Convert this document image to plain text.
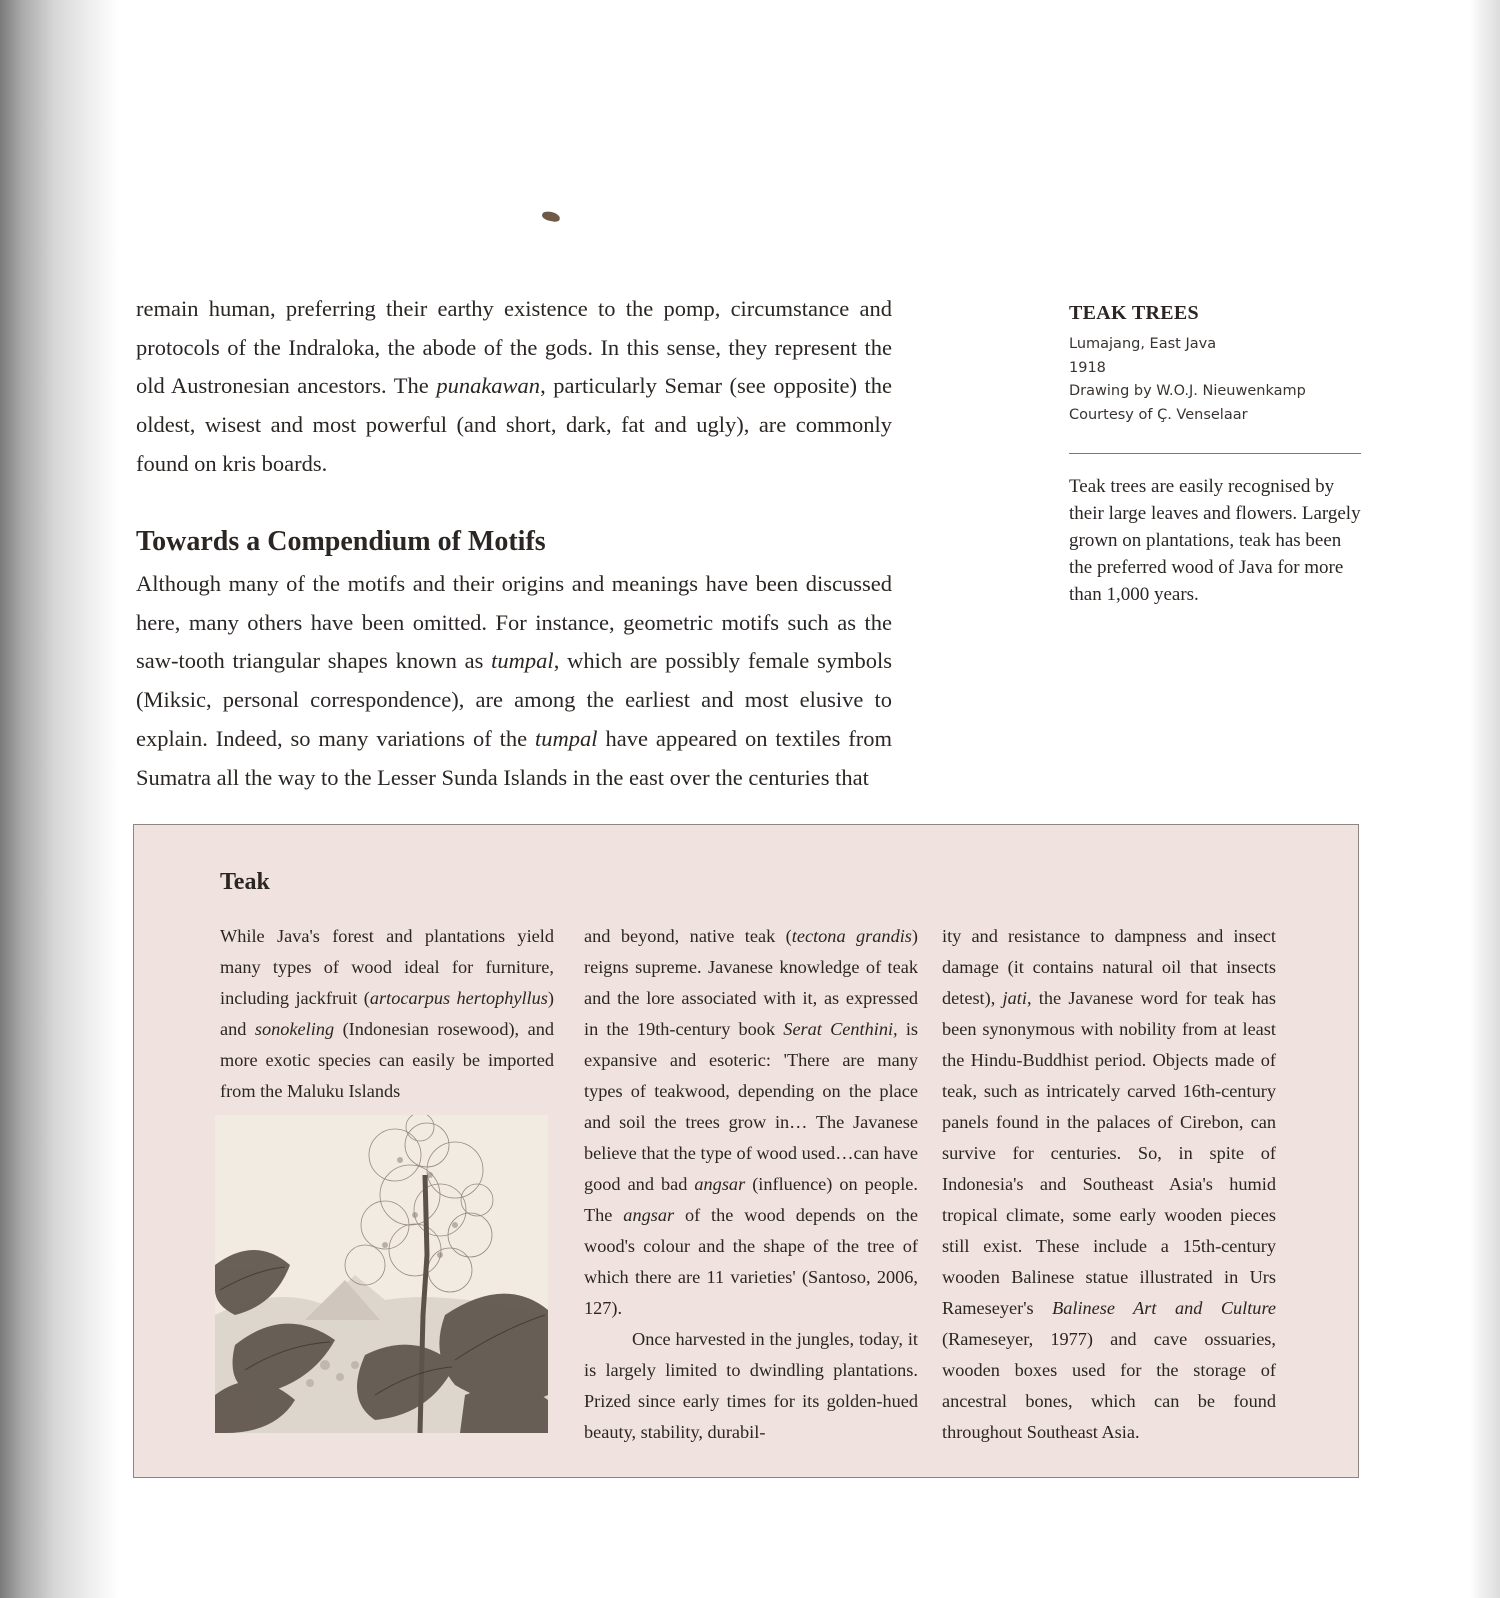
remain human, preferring their earthy existence to the pomp, circumstance and protocols of the Indraloka, the abode of the gods. In this sense, they represent the old Austronesian ancestors. The punakawan, particularly Semar (see opposite) the oldest, wisest and most powerful (and short, dark, fat and ugly), are commonly found on kris boards.

Towards a Compendium of Motifs

Although many of the motifs and their origins and meanings have been discussed here, many others have been omitted. For instance, geometric motifs such as the saw-tooth triangular shapes known as tumpal, which are possibly female symbols (Miksic, personal correspondence), are among the earliest and most elusive to explain. Indeed, so many variations of the tumpal have appeared on textiles from Sumatra all the way to the Lesser Sunda Islands in the east over the centuries that

TEAK TREES
Lumajang, East Java
1918
Drawing by W.O.J. Nieuwenkamp
Courtesy of Ç. Venselaar

Teak trees are easily recognised by their large leaves and flowers. Largely grown on plantations, teak has been the preferred wood of Java for more than 1,000 years.

Teak

While Java's forest and plantations yield many types of wood ideal for furniture, including jackfruit (artocarpus hertophyllus) and sonokeling (Indonesian rosewood), and more exotic species can easily be imported from the Maluku Islands

and beyond, native teak (tectona grandis) reigns supreme. Javanese knowledge of teak and the lore associated with it, as expressed in the 19th-century book Serat Centhini, is expansive and esoteric: 'There are many types of teakwood, depending on the place and soil the trees grow in… The Javanese believe that the type of wood used…can have good and bad angsar (influence) on people. The angsar of the wood depends on the wood's colour and the shape of the tree of which there are 11 varieties' (Santoso, 2006, 127).

Once harvested in the jungles, today, it is largely limited to dwindling plantations. Prized since early times for its golden-hued beauty, stability, durabil-

ity and resistance to dampness and insect damage (it contains natural oil that insects detest), jati, the Javanese word for teak has been synonymous with nobility from at least the Hindu-Buddhist period. Objects made of teak, such as intricately carved 16th-century panels found in the palaces of Cirebon, can survive for centuries. So, in spite of Indonesia's and Southeast Asia's humid tropical climate, some early wooden pieces still exist. These include a 15th-century wooden Balinese statue illustrated in Urs Rameseyer's Balinese Art and Culture (Rameseyer, 1977) and cave ossuaries, wooden boxes used for the storage of ancestral bones, which can be found throughout Southeast Asia.
